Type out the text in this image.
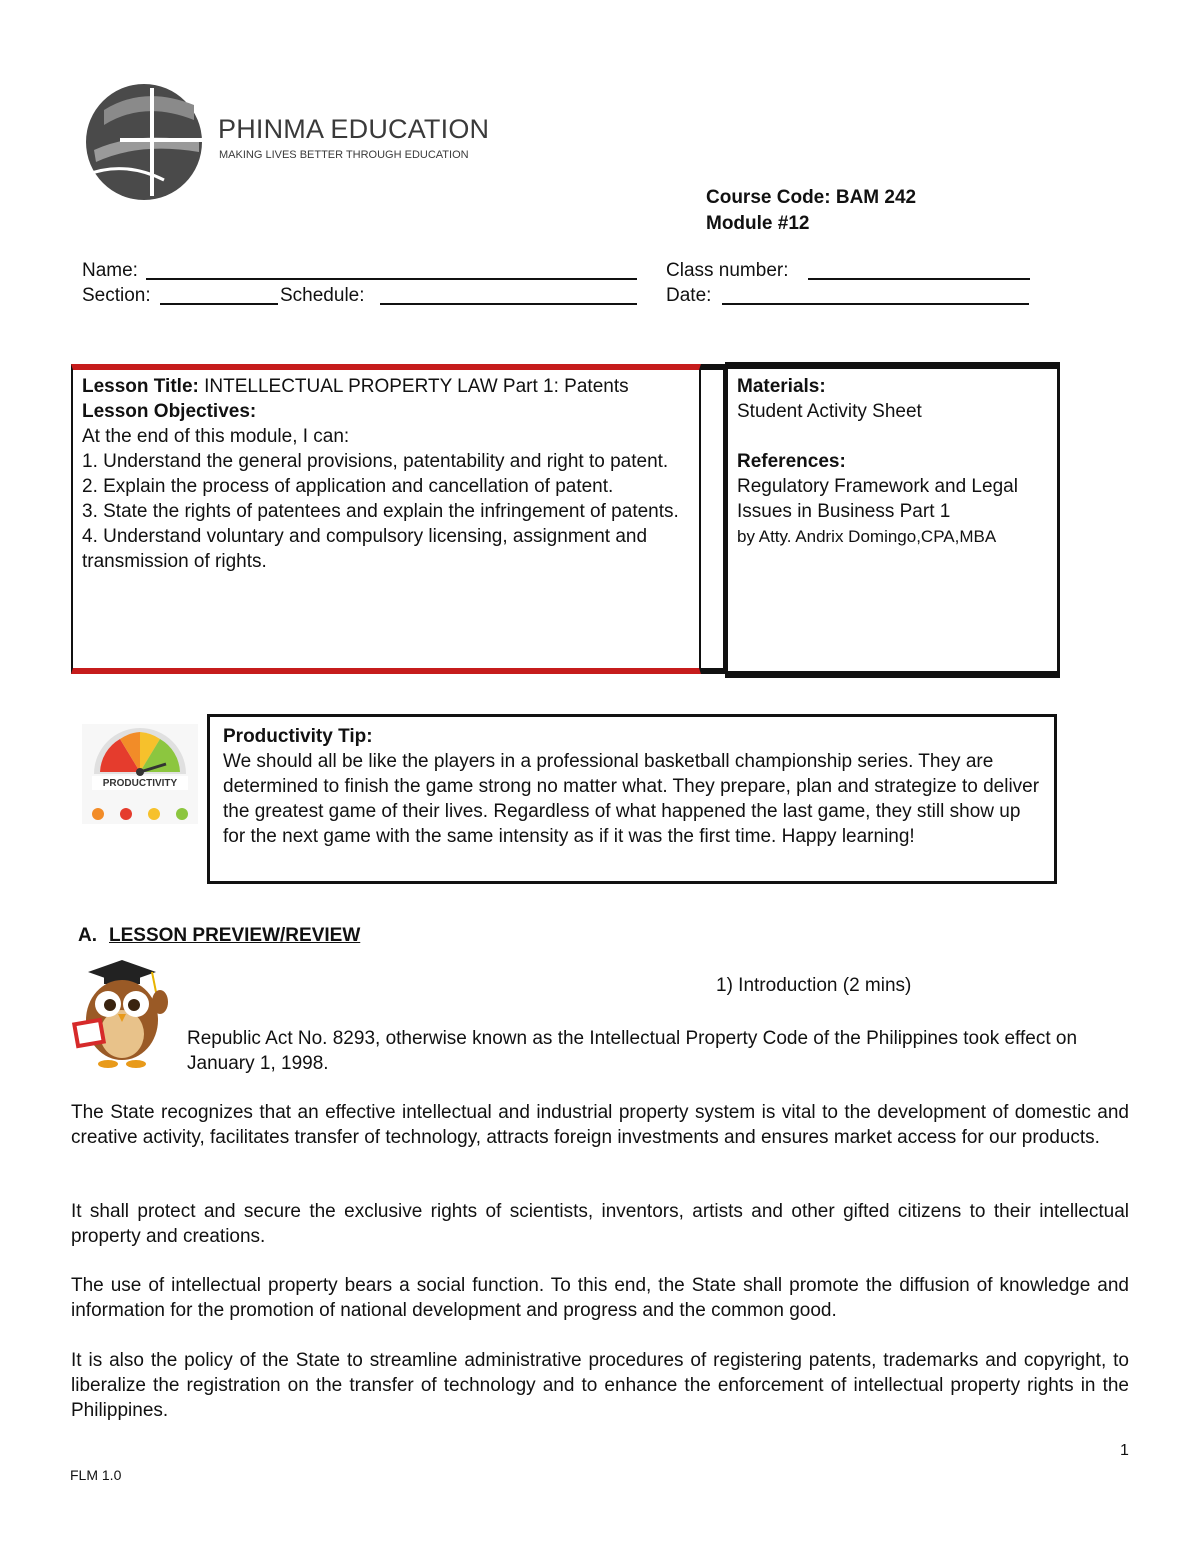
PHINMA EDUCATION
MAKING LIVES BETTER THROUGH EDUCATION
Course Code: BAM 242
Module #12
Name:	Class number:
Section:	Schedule:	Date:

Lesson Title: INTELLECTUAL PROPERTY LAW Part 1: Patents

Lesson Objectives:

At the end of this module, I can:

1. Understand the general provisions, patentability and right to patent.

2. Explain the process of application and cancellation of patent.

3. State the rights of patentees and explain the infringement of patents.

4. Understand voluntary and compulsory licensing, assignment and transmission of rights.

Materials:

Student Activity Sheet

References:

Regulatory Framework and Legal Issues in Business Part 1

by Atty. Andrix Domingo,CPA,MBA

PRODUCTIVITY

Productivity Tip:

We should all be like the players in a professional basketball championship series. They are determined to finish the game strong no matter what. They prepare, plan and strategize to deliver the greatest game of their lives. Regardless of what happened the last game, they still show up for the next game with the same intensity as if it was the first time. Happy learning!

A. LESSON PREVIEW/REVIEW
1) Introduction (2 mins)
Republic Act No. 8293, otherwise known as the Intellectual Property Code of the Philippines took effect on January 1, 1998.

The State recognizes that an effective intellectual and industrial property system is vital to the development of domestic and creative activity, facilitates transfer of technology, attracts foreign investments and ensures market access for our products.

It shall protect and secure the exclusive rights of scientists, inventors, artists and other gifted citizens to their intellectual property and creations.

The use of intellectual property bears a social function. To this end, the State shall promote the diffusion of knowledge and information for the promotion of national development and progress and the common good.

It is also the policy of the State to streamline administrative procedures of registering patents, trademarks and copyright, to liberalize the registration on the transfer of technology and to enhance the enforcement of intellectual property rights in the Philippines.

1
FLM 1.0
